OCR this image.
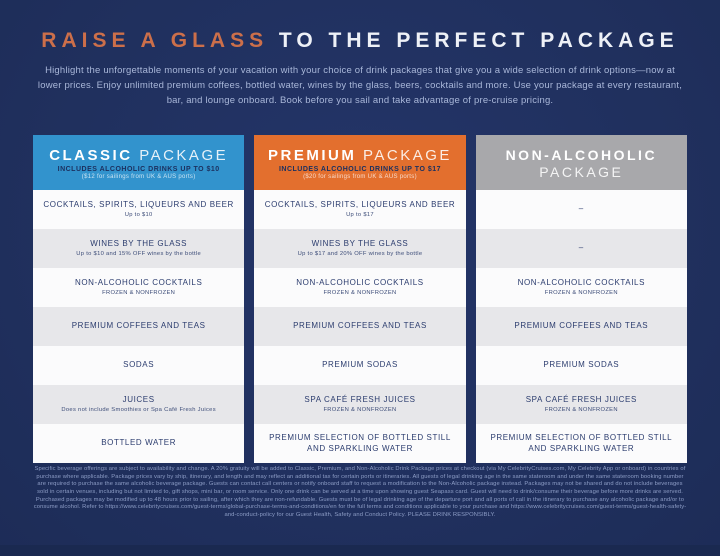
RAISE A GLASS TO THE PERFECT PACKAGE

Highlight the unforgettable moments of your vacation with your choice of drink packages that give you a wide selection of drink options—now at lower prices. Enjoy unlimited premium coffees, bottled water, wines by the glass, beers, cocktails and more. Use your package at every restaurant, bar, and lounge onboard. Book before you sail and take advantage of pre-cruise pricing.

CLASSIC PACKAGE
INCLUDES ALCOHOLIC DRINKS UP TO $10
($12 for sailings from UK & AUS ports)
COCKTAILS, SPIRITS, LIQUEURS AND BEER
Up to $10
WINES BY THE GLASS
Up to $10 and 15% OFF wines by the bottle
NON-ALCOHOLIC COCKTAILS
FROZEN & NONFROZEN
PREMIUM COFFEES AND TEAS
SODAS
JUICES
Does not include Smoothies or Spa Café Fresh Juices
BOTTLED WATER
PREMIUM PACKAGE
INCLUDES ALCOHOLIC DRINKS UP TO $17
($20 for sailings from UK & AUS ports)
COCKTAILS, SPIRITS, LIQUEURS AND BEER
Up to $17
WINES BY THE GLASS
Up to $17 and 20% OFF wines by the bottle
NON-ALCOHOLIC COCKTAILS
FROZEN & NONFROZEN
PREMIUM COFFEES AND TEAS
PREMIUM SODAS
SPA CAFÉ FRESH JUICES
FROZEN & NONFROZEN
PREMIUM SELECTION OF BOTTLED STILL AND SPARKLING WATER
NON-ALCOHOLIC
PACKAGE
–
–
NON-ALCOHOLIC COCKTAILS
FROZEN & NONFROZEN
PREMIUM COFFEES AND TEAS
PREMIUM SODAS
SPA CAFÉ FRESH JUICES
FROZEN & NONFROZEN
PREMIUM SELECTION OF BOTTLED STILL AND SPARKLING WATER

Specific beverage offerings are subject to availability and change. A 20% gratuity will be added to Classic, Premium, and Non-Alcoholic Drink Package prices at checkout (via My CelebrityCruises.com, My Celebrity App or onboard) in countries of purchase where applicable. Package prices vary by ship, itinerary, and length and may reflect an additional tax for certain ports or itineraries. All guests of legal drinking age in the same stateroom and under the same stateroom booking number are required to purchase the same alcoholic beverage package. Guests can contact call centers or notify onboard staff to request a modification to the Non-Alcoholic package instead. Packages may not be shared and do not include beverages sold in certain venues, including but not limited to, gift shops, mini bar, or room service. Only one drink can be served at a time upon showing guest Seapass card. Guest will need to drink/consume their beverage before more drinks are served. Purchased packages may be modified up to 48 hours prior to sailing, after which they are non-refundable. Guests must be of legal drinking age of the departure port and all ports of call in the itinerary to purchase any alcoholic package and/or to consume alcohol. Refer to https://www.celebritycruises.com/guest-terms/global-purchase-terms-and-conditions/en for the full terms and conditions applicable to your purchase and https://www.celebritycruises.com/guest-terms/guest-health-safety-and-conduct-policy for our Guest Health, Safety and Conduct Policy. PLEASE DRINK RESPONSIBLY.
